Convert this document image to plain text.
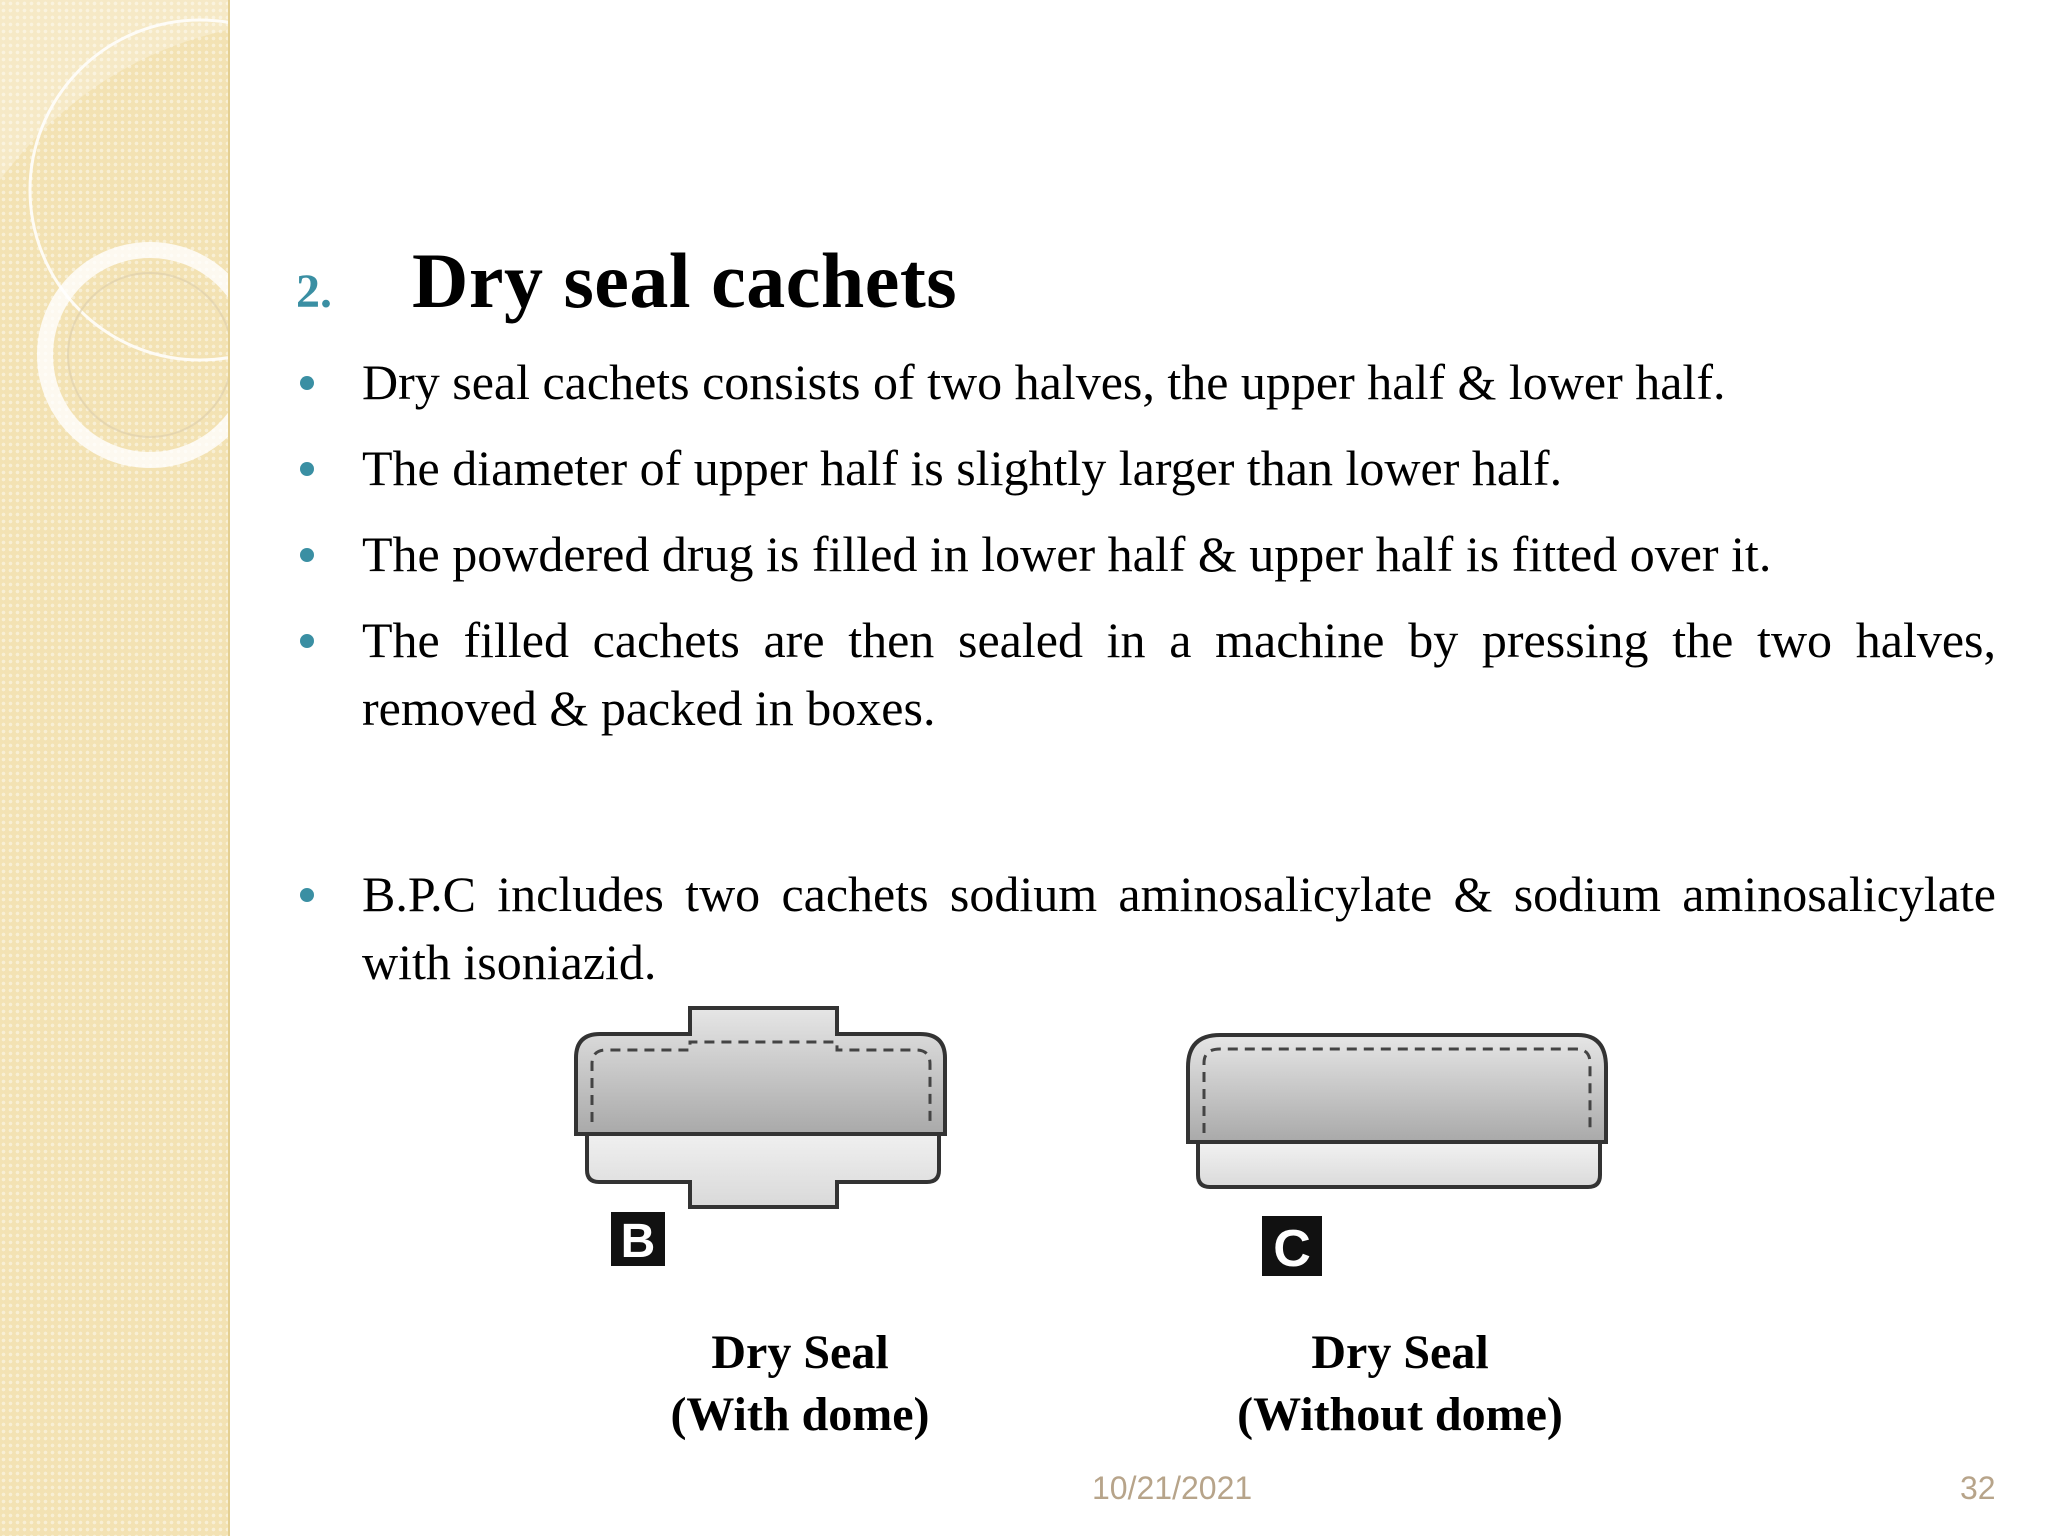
2.	Dry seal cachets
Dry seal cachets consists of two halves, the upper half & lower half.
The diameter of upper half is slightly larger than lower half.
The powdered drug is filled in lower half & upper half is fitted over it.
The filled cachets are then sealed in a machine by pressing the two halves, removed & packed in boxes.
B.P.C includes two cachets sodium aminosalicylate & sodium aminosalicylate with isoniazid.
B
Dry Seal
(With dome)
C
Dry Seal
(Without dome)
10/21/2021	32
